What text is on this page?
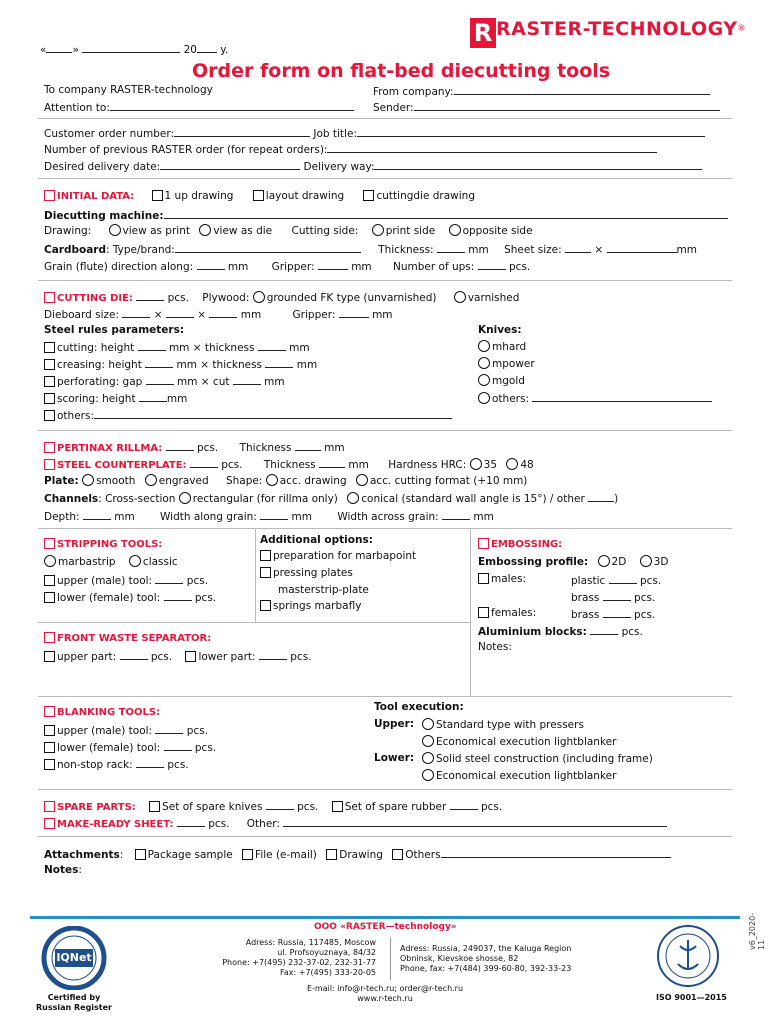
« »	20 y.
R RASTER-TECHNOLOGY®
Order form on flat-bed diecutting tools
To company RASTER-technology	From company:
Attention to:	Sender:
Customer order number:	Job title:
Number of previous RASTER order (for repeat orders):
Desired delivery date:	Delivery way:
INITIAL DATA:	1 up drawing	layout drawing	cuttingdie drawing
Diecutting machine:
Drawing:	view as print view as die Cutting side:	print side	opposite side
Cardboard: Type/brand:	Thickness:	mm Sheet size:	×	mm
Grain (flute) direction along:	mm Gripper:	mm Number of ups:	pcs.
CUTTING DIE:	pcs. Plywood: grounded FK type (unvarnished)	varnished
Dieboard size:	×	×	mm	Gripper:	mm
Steel rules parameters:
cutting: height	mm × thickness	mm
creasing: height	mm × thickness	mm
perforating: gap	mm × cut	mm
scoring: height	mm
others:
Knives:
mhard
mpower
mgold
others:
PERTINAX RILLMA:	pcs. Thickness	mm
STEEL COUNTERPLATE:	pcs. Thickness	mm Hardness HRC: 35 48
Plate: smooth engraved Shape: acc. drawing acc. cutting format (+10 mm)
Channels: Cross-section rectangular (for rillma only) conical (standard wall angle is 15°) / other	)
Depth:	mm Width along grain:	mm Width across grain:	mm
STRIPPING TOOLS:
marbastrip	classic
upper (male) tool:	pcs.
lower (female) tool:	pcs.
Additional options:
preparation for marbapoint
pressing plates
masterstrip-plate
springs marbafly
EMBOSSING:
Embossing profile: 2D	3D
males:	plastic	pcs.
brass	pcs.
females:	brass	pcs.
Aluminium blocks:	pcs.
Notes:
FRONT WASTE SEPARATOR:
upper part:	pcs.	lower part:	pcs.
BLANKING TOOLS:
upper (male) tool:	pcs.
lower (female) tool:	pcs.
non-stop rack:	pcs.
Tool execution:
Upper:	Standard type with pressers
Economical execution lightblanker
Lower:	Solid steel construction (including frame)
Economical execution lightblanker
SPARE PARTS:	Set of spare knives	pcs.	Set of spare rubber	pcs.
MAKE-READY SHEET:	pcs. Other:
Attachments: Package sample File (e-mail) Drawing Others
Notes:
IQNet
Certified by
Russian Register
OOO «RASTER—technology»
Adress: Russia, 117485, Moscow
ul. Profsoyuznaya, 84/32
Phone: +7(495) 232-37-02, 232-31-77
Fax: +7(495) 333-20-05
Adress: Russia, 249037, the Kaluga Region
Obninsk, Kievskoe shosse, 82
Phone, fax: +7(484) 399-60-80, 392-33-23
E-mail: info@r-tech.ru; order@r-tech.ru
www.r-tech.ru	ISO 9001—2015
v6_2020-11
